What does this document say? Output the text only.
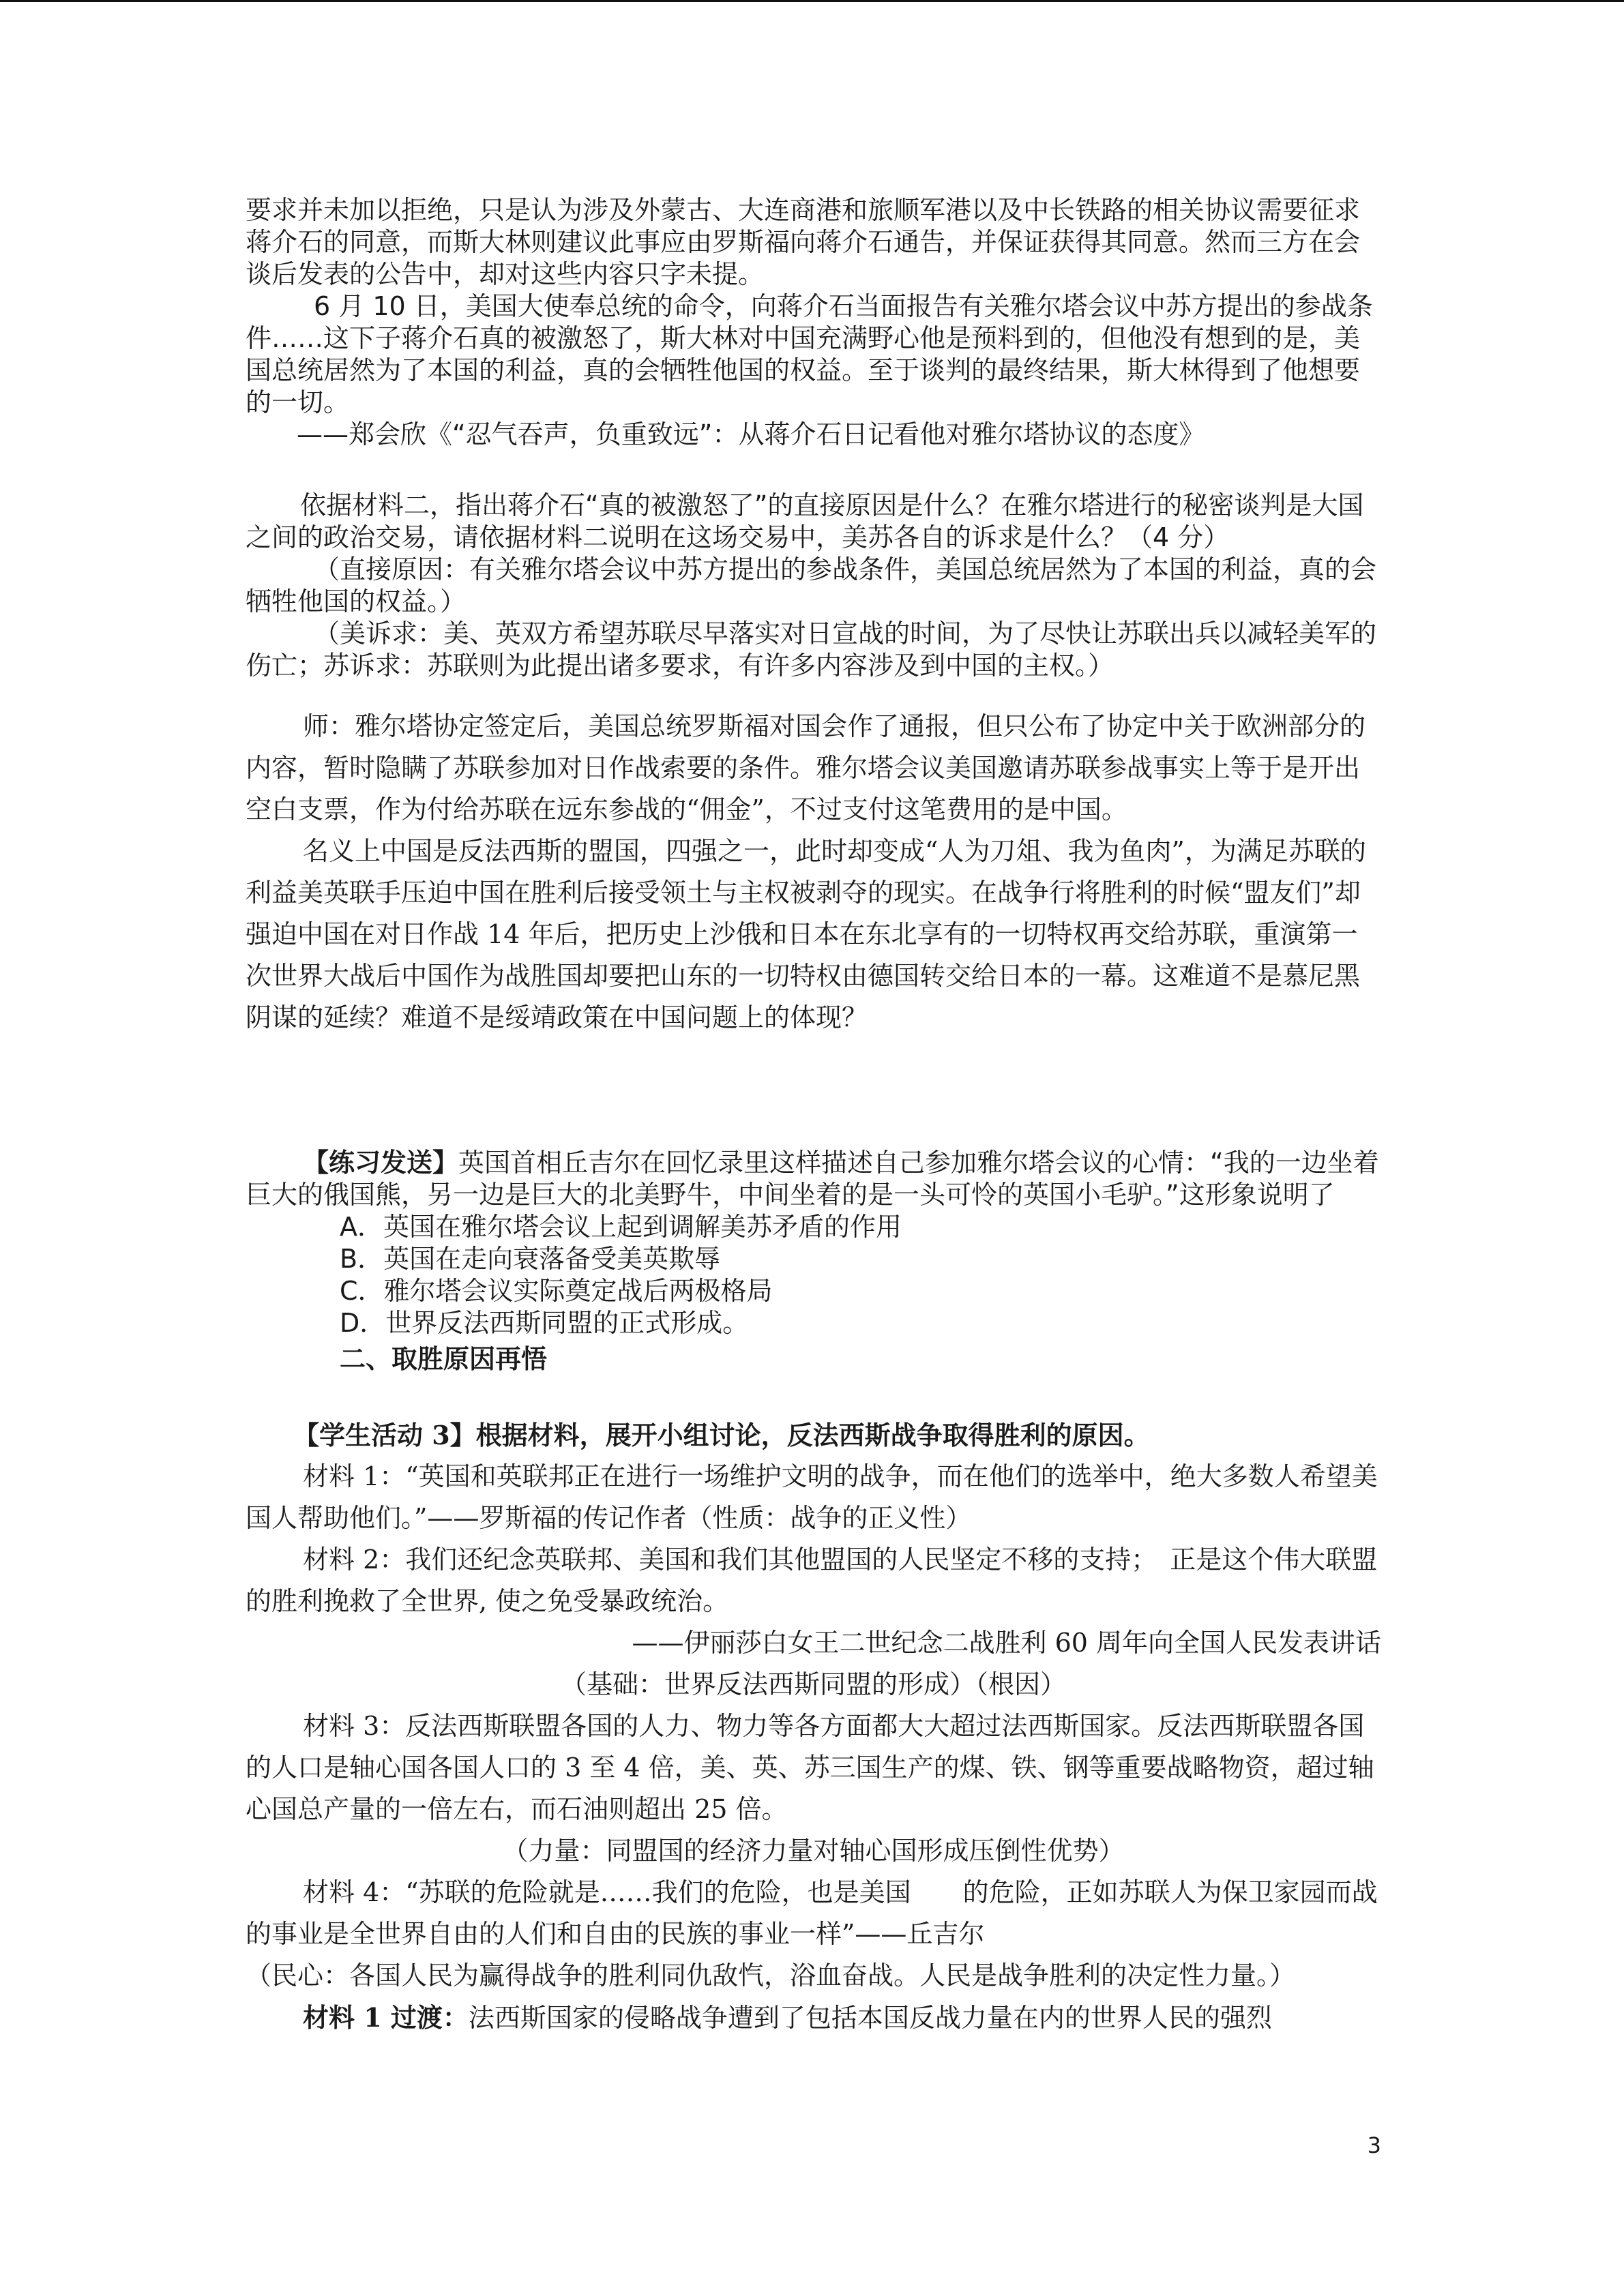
要求并未加以拒绝，只是认为涉及外蒙古、大连商港和旅顺军港以及中长铁路的相关协议需要征求蒋介石的同意，而斯大林则建议此事应由罗斯福向蒋介石通告，并保证获得其同意。然而三方在会谈后发表的公告中，却对这些内容只字未提。

6 月 10 日，美国大使奉总统的命令，向蒋介石当面报告有关雅尔塔会议中苏方提出的参战条件……这下子蒋介石真的被激怒了，斯大林对中国充满野心他是预料到的，但他没有想到的是，美国总统居然为了本国的利益，真的会牺牲他国的权益。至于谈判的最终结果，斯大林得到了他想要的一切。

——郑会欣《“忍气吞声，负重致远”：从蒋介石日记看他对雅尔塔协议的态度》

依据材料二，指出蒋介石“真的被激怒了”的直接原因是什么？在雅尔塔进行的秘密谈判是大国之间的政治交易，请依据材料二说明在这场交易中，美苏各自的诉求是什么？（4 分）

（直接原因：有关雅尔塔会议中苏方提出的参战条件，美国总统居然为了本国的利益，真的会牺牲他国的权益。）

（美诉求：美、英双方希望苏联尽早落实对日宣战的时间，为了尽快让苏联出兵以减轻美军的伤亡；苏诉求：苏联则为此提出诸多要求，有许多内容涉及到中国的主权。）

师：雅尔塔协定签定后，美国总统罗斯福对国会作了通报，但只公布了协定中关于欧洲部分的内容，暂时隐瞒了苏联参加对日作战索要的条件。雅尔塔会议美国邀请苏联参战事实上等于是开出空白支票，作为付给苏联在远东参战的“佣金”，不过支付这笔费用的是中国。

名义上中国是反法西斯的盟国，四强之一，此时却变成“人为刀俎、我为鱼肉”，为满足苏联的利益美英联手压迫中国在胜利后接受领土与主权被剥夺的现实。在战争行将胜利的时候“盟友们”却强迫中国在对日作战 14 年后，把历史上沙俄和日本在东北享有的一切特权再交给苏联，重演第一次世界大战后中国作为战胜国却要把山东的一切特权由德国转交给日本的一幕。这难道不是慕尼黑阴谋的延续？难道不是绥靖政策在中国问题上的体现？

【练习发送】英国首相丘吉尔在回忆录里这样描述自己参加雅尔塔会议的心情：“我的一边坐着巨大的俄国熊，另一边是巨大的北美野牛，中间坐着的是一头可怜的英国小毛驴。”这形象说明了

A．英国在雅尔塔会议上起到调解美苏矛盾的作用

B．英国在走向衰落备受美英欺辱

C．雅尔塔会议实际奠定战后两极格局

D．世界反法西斯同盟的正式形成。

二、取胜原因再悟

【学生活动 3】根据材料，展开小组讨论，反法西斯战争取得胜利的原因。

材料 1：“英国和英联邦正在进行一场维护文明的战争，而在他们的选举中，绝大多数人希望美国人帮助他们。”——罗斯福的传记作者（性质：战争的正义性）

材料 2：我们还纪念英联邦、美国和我们其他盟国的人民坚定不移的支持；　正是这个伟大联盟的胜利挽救了全世界, 使之免受暴政统治。

——伊丽莎白女王二世纪念二战胜利 60 周年向全国人民发表讲话

（基础：世界反法西斯同盟的形成）（根因）

材料 3：反法西斯联盟各国的人力、物力等各方面都大大超过法西斯国家。反法西斯联盟各国的人口是轴心国各国人口的 3 至 4 倍，美、英、苏三国生产的煤、铁、钢等重要战略物资，超过轴心国总产量的一倍左右，而石油则超出 25 倍。

（力量：同盟国的经济力量对轴心国形成压倒性优势）

材料 4：“苏联的危险就是……我们的危险，也是美国　　的危险，正如苏联人为保卫家园而战的事业是全世界自由的人们和自由的民族的事业一样”——丘吉尔

（民心：各国人民为赢得战争的胜利同仇敌忾，浴血奋战。人民是战争胜利的决定性力量。）

材料 1 过渡：法西斯国家的侵略战争遭到了包括本国反战力量在内的世界人民的强烈

3
